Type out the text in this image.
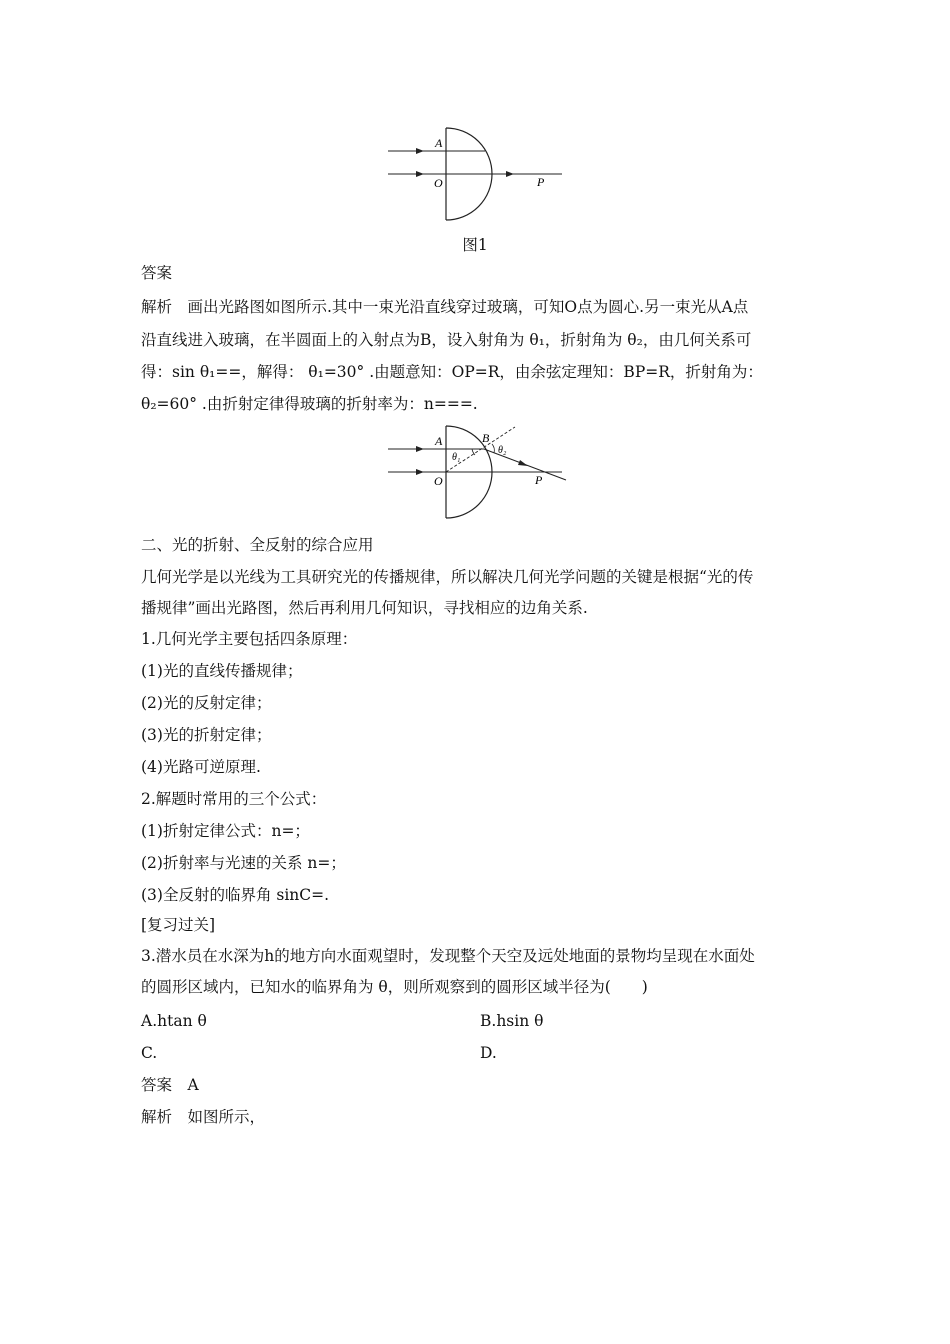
A
O	P
图1
答案
解析　画出光路图如图所示.其中一束光沿直线穿过玻璃，可知O点为圆心.另一束光从A点
沿直线进入玻璃，在半圆面上的入射点为B，设入射角为 θ₁，折射角为 θ₂，由几何关系可
得：sin θ₁==，解得： θ₁=30° .由题意知：OP=R，由余弦定理知：BP=R，折射角为：
θ₂=60° .由折射定律得玻璃的折射率为：n===.
A
O	P
B
θ₁
θ₂
二、光的折射、全反射的综合应用
几何光学是以光线为工具研究光的传播规律，所以解决几何光学问题的关键是根据“光的传
播规律”画出光路图，然后再利用几何知识，寻找相应的边角关系.
1.几何光学主要包括四条原理：
(1)光的直线传播规律；
(2)光的反射定律；
(3)光的折射定律；
(4)光路可逆原理.
2.解题时常用的三个公式：
(1)折射定律公式：n=；
(2)折射率与光速的关系 n=；
(3)全反射的临界角 sinC=.
[复习过关]
3.潜水员在水深为h的地方向水面观望时，发现整个天空及远处地面的景物均呈现在水面处
的圆形区域内，已知水的临界角为 θ，则所观察到的圆形区域半径为(　　)
A.htan θ	B.hsin θ
C.	D.
答案　A
解析　如图所示，
